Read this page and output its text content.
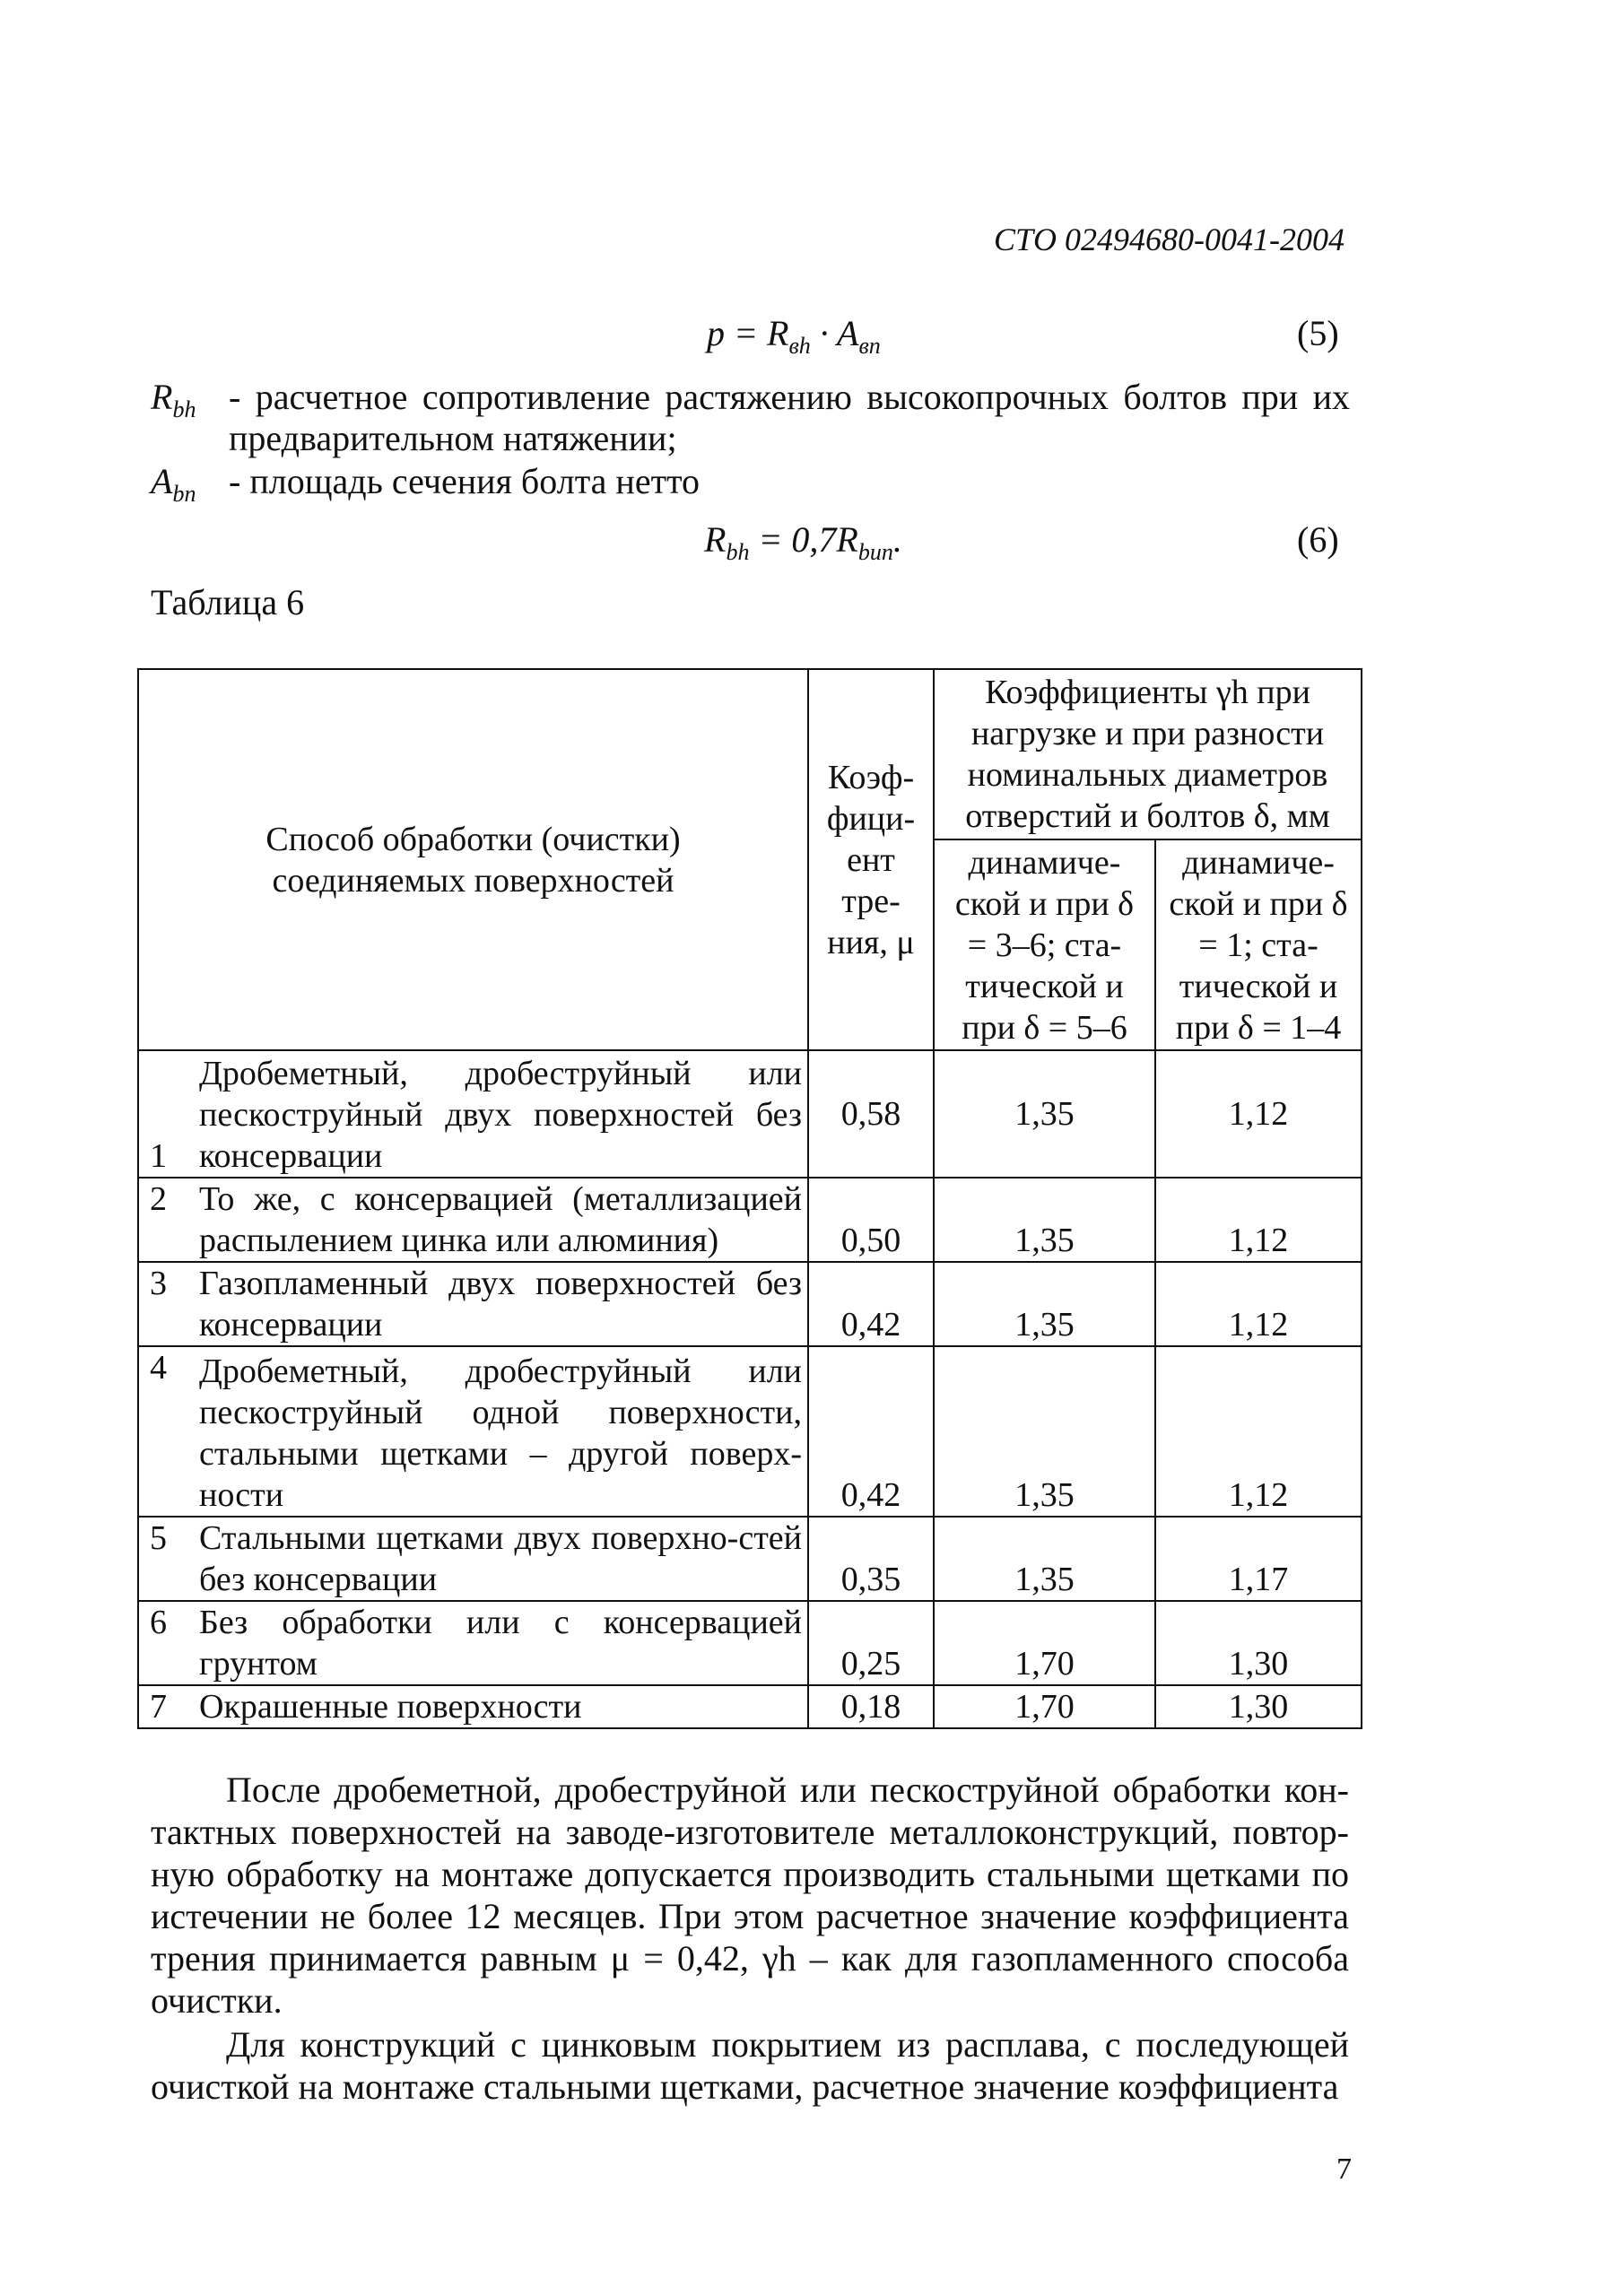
СТО 02494680-0041-2004
$p = R_{вh} \cdot A_{вn}$	(5)
$R_{bh}$ - расчетное сопротивление растяжению высокопрочных болтов при их предварительном натяжении;
$A_{bn}$ - площадь сечения болта нетто
$R_{bh} = 0,7R_{bun}$.	(6)
Таблица 6
Способ обработки (очистки) соединяемых поверхностей		Коэф-фици-ент тре-ния, μ	Коэффициенты γh при нагрузке и при разности номинальных диаметров отверстий и болтов δ, мм	
			динамиче-ской и при δ = 3–6; ста-тической и при δ = 5–6	динамиче-ской и при δ = 1; ста-тической и при δ = 1–4
1	Дробеметный, дробеструйный или пескоструйный двух поверхностей без консервации	0,58	1,35	1,12
2	То же, с консервацией (металлизацией распылением цинка или алюминия)	0,50	1,35	1,12
3	Газопламенный двух поверхностей без консервации	0,42	1,35	1,12
4	Дробеметный, дробеструйный или пескоструйный одной поверхности, стальными щетками – другой поверх-ности	0,42	1,35	1,12
5	Стальными щетками двух поверхно-стей без консервации	0,35	1,35	1,17
6	Без обработки или с консервацией грунтом	0,25	1,70	1,30
7	Окрашенные поверхности	0,18	1,70	1,30
После дробеметной, дробеструйной или пескоструйной обработки кон-тактных поверхностей на заводе-изготовителе металлоконструкций, повтор-ную обработку на монтаже допускается производить стальными щетками по истечении не более 12 месяцев. При этом расчетное значение коэффициента трения принимается равным μ = 0,42, γh – как для газопламенного способа очистки.
Для конструкций с цинковым покрытием из расплава, с последующей очисткой на монтаже стальными щетками, расчетное значение коэффициента
7
